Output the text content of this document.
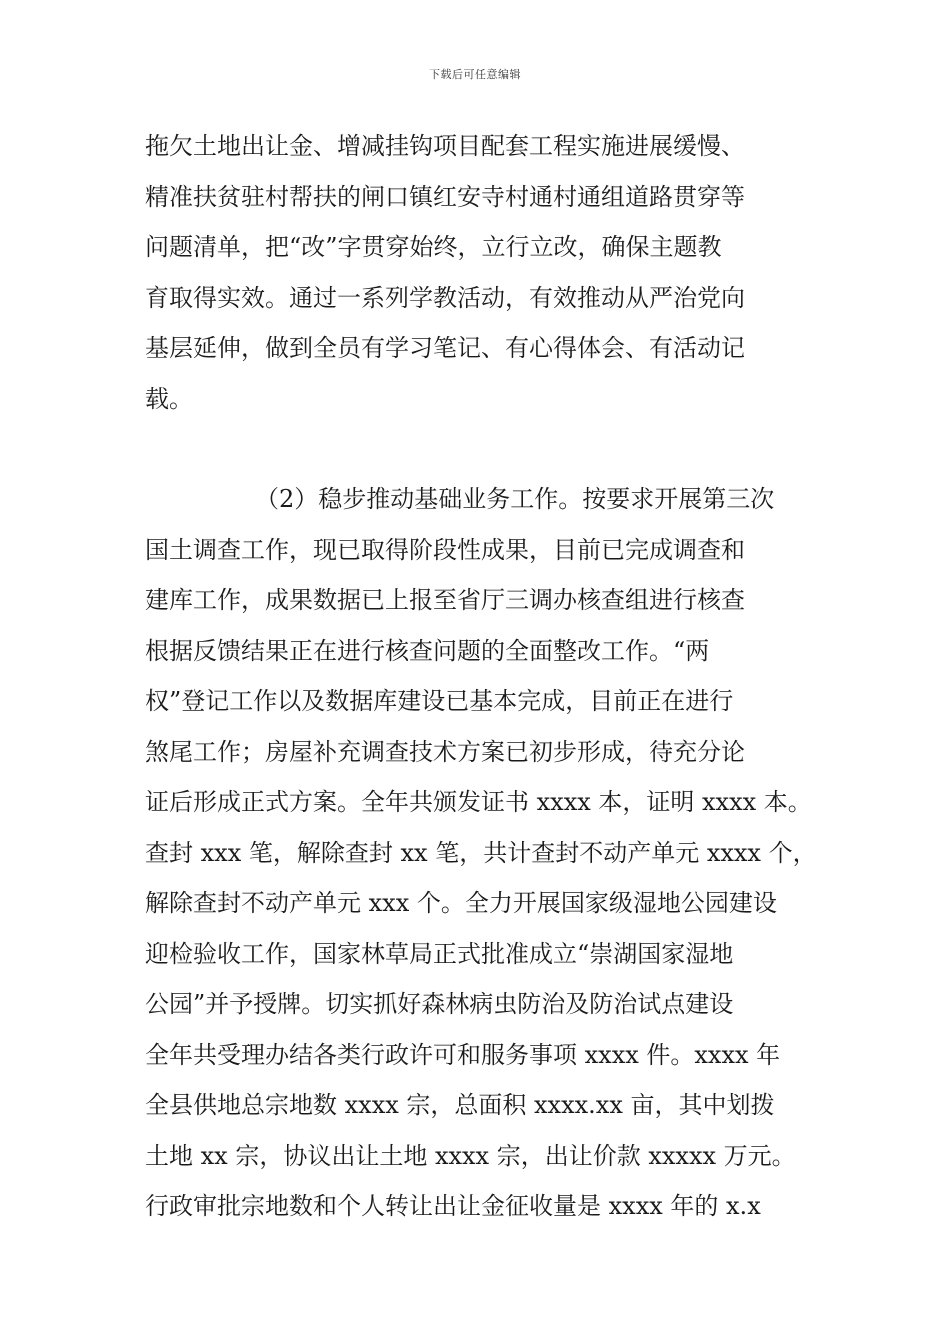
下载后可任意编辑
拖欠土地出让金、增减挂钩项目配套工程实施进展缓慢、
精准扶贫驻村帮扶的闸口镇红安寺村通村通组道路贯穿等
问题清单，把“改”字贯穿始终，立行立改，确保主题教
育取得实效。通过一系列学教活动，有效推动从严治党向
基层延伸，做到全员有学习笔记、有心得体会、有活动记
载。
（2）稳步推动基础业务工作。按要求开展第三次
国土调查工作，现已取得阶段性成果，目前已完成调查和
建库工作，成果数据已上报至省厅三调办核查组进行核查
根据反馈结果正在进行核查问题的全面整改工作。“两
权”登记工作以及数据库建设已基本完成，目前正在进行
煞尾工作；房屋补充调查技术方案已初步形成，待充分论
证后形成正式方案。全年共颁发证书 xxxx 本，证明 xxxx 本。
查封 xxx 笔，解除查封 xx 笔，共计查封不动产单元 xxxx 个，
解除查封不动产单元 xxx 个。全力开展国家级湿地公园建设
迎检验收工作，国家林草局正式批准成立“崇湖国家湿地
公园”并予授牌。切实抓好森林病虫防治及防治试点建设
全年共受理办结各类行政许可和服务事项 xxxx 件。xxxx 年
全县供地总宗地数 xxxx 宗，总面积 xxxx.xx 亩，其中划拨
土地 xx 宗，协议出让土地 xxxx 宗，出让价款 xxxxx 万元。
行政审批宗地数和个人转让出让金征收量是 xxxx 年的 x.x
